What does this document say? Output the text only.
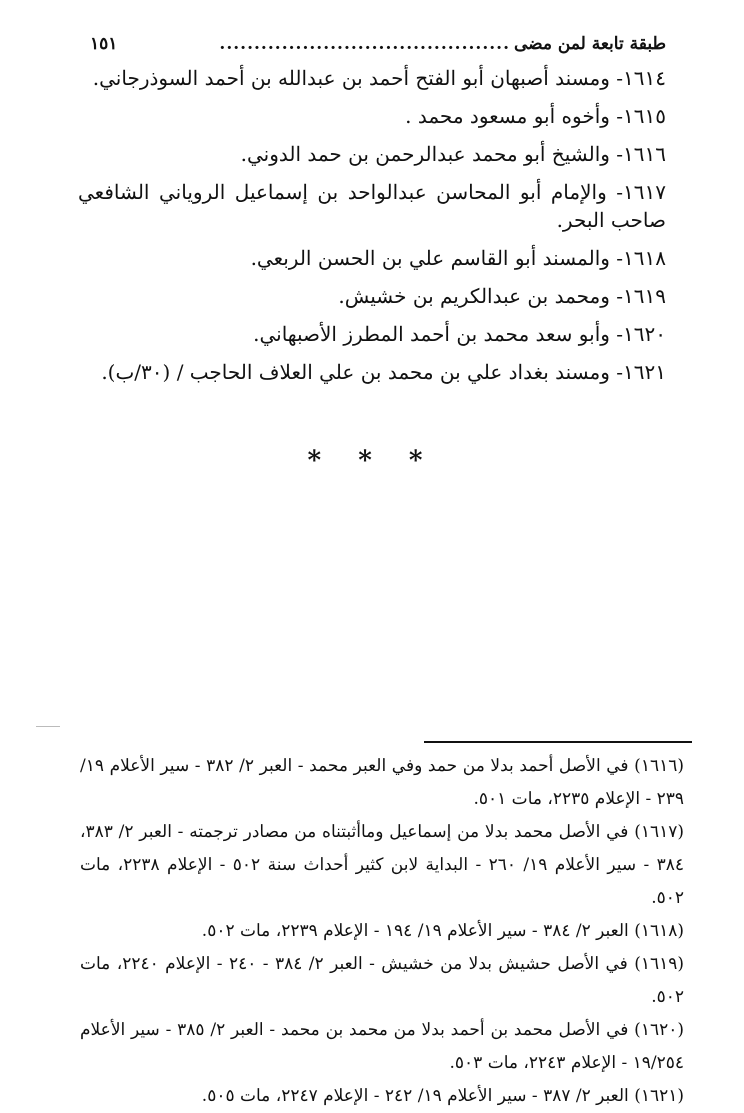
طبقة تابعة لمن مضى
..........................................
١٥١

١٦١٤- ومسند أصبهان أبو الفتح أحمد بن عبدالله بن أحمد السوذرجاني.

١٦١٥- وأخوه أبو مسعود محمد .

١٦١٦- والشيخ أبو محمد عبدالرحمن بن حمد الدوني.

١٦١٧- والإمام أبو المحاسن عبدالواحد بن إسماعيل الروياني الشافعي صاحب البحر.

١٦١٨- والمسند أبو القاسم علي بن الحسن الربعي.

١٦١٩- ومحمد بن عبدالكريم بن خشيش.

١٦٢٠- وأبو سعد محمد بن أحمد المطرز الأصبهاني.

١٦٢١- ومسند بغداد علي بن محمد بن علي العلاف الحاجب / (٣٠/ب).

* * *
(١٦١٦) في الأصل أحمد بدلا من حمد وفي العبر محمد - العبر ٢/ ٣٨٢ - سير الأعلام ١٩/ ٢٣٩ - الإعلام ٢٢٣٥، مات ٥٠١.
(١٦١٧) في الأصل محمد بدلا من إسماعيل وماأثبتناه من مصادر ترجمته - العبر ٢/ ٣٨٣، ٣٨٤ - سير الأعلام ١٩/ ٢٦٠ - البداية لابن كثير أحداث سنة ٥٠٢ - الإعلام ٢٢٣٨، مات ٥٠٢.
(١٦١٨) العبر ٢/ ٣٨٤ - سير الأعلام ١٩/ ١٩٤ - الإعلام ٢٢٣٩، مات ٥٠٢.
(١٦١٩) في الأصل حشيش بدلا من خشيش - العبر ٢/ ٣٨٤ - ٢٤٠ - الإعلام ٢٢٤٠، مات ٥٠٢.
(١٦٢٠) في الأصل محمد بن أحمد بدلا من محمد بن محمد - العبر ٢/ ٣٨٥ - سير الأعلام ١٩/٢٥٤ - الإعلام ٢٢٤٣، مات ٥٠٣.
(١٦٢١) العبر ٢/ ٣٨٧ - سير الأعلام ١٩/ ٢٤٢ - الإعلام ٢٢٤٧، مات ٥٠٥.
